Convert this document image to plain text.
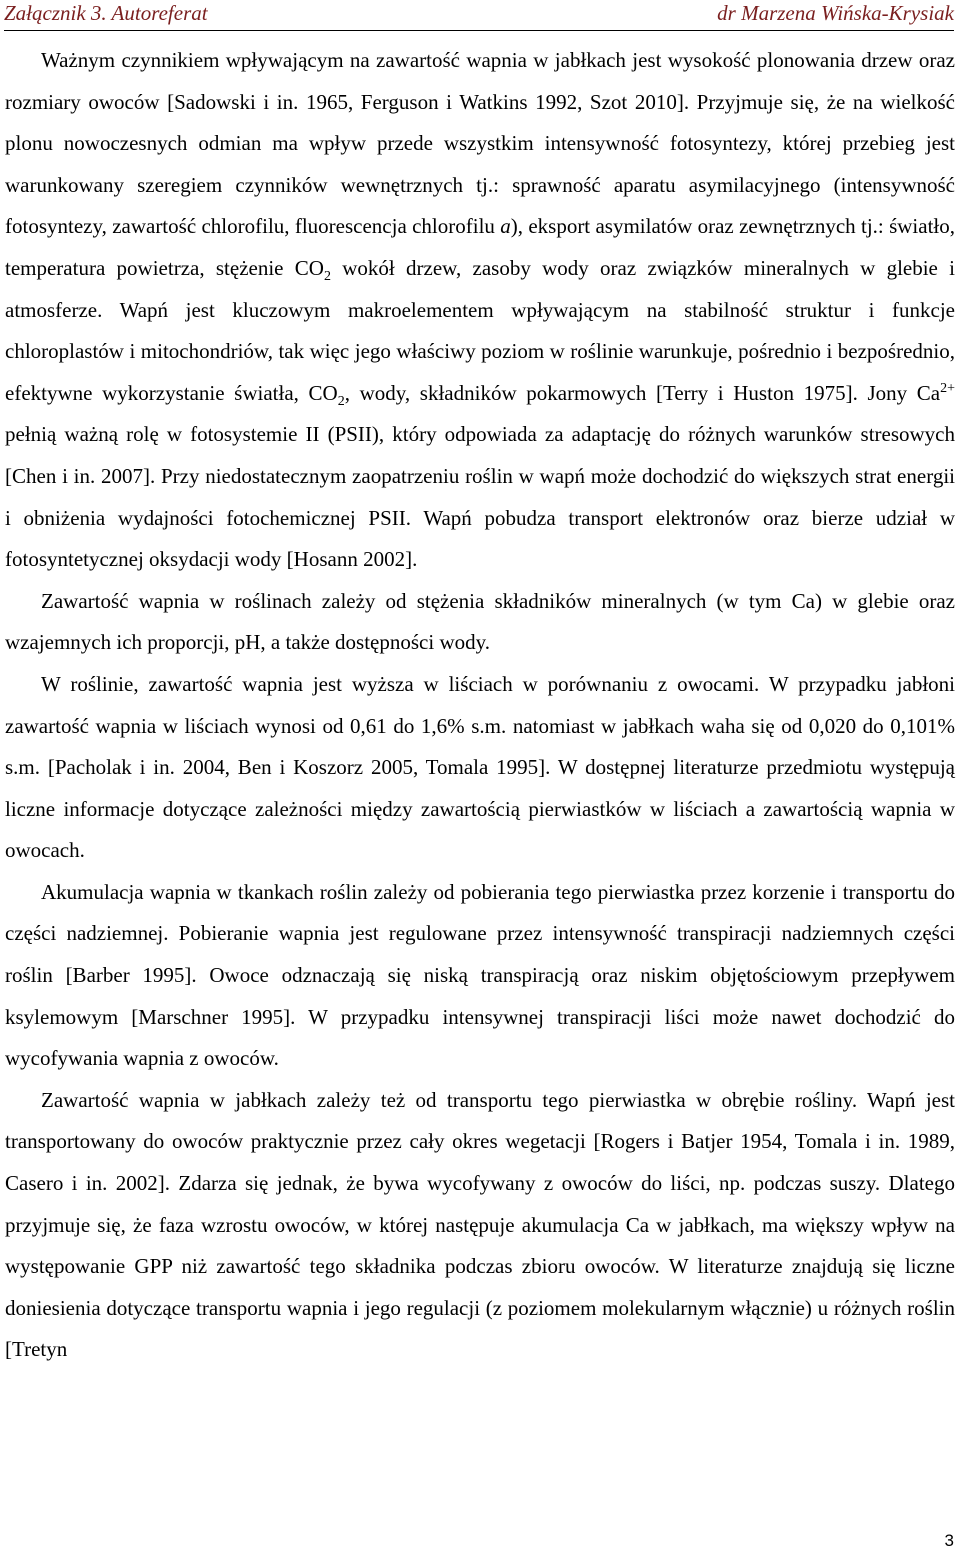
Załącznik 3. Autoreferat	dr Marzena Wińska-Krysiak

Ważnym czynnikiem wpływającym na zawartość wapnia w jabłkach jest wysokość plonowania drzew oraz rozmiary owoców [Sadowski i in. 1965, Ferguson i Watkins 1992, Szot 2010]. Przyjmuje się, że na wielkość plonu nowoczesnych odmian ma wpływ przede wszystkim intensywność fotosyntezy, której przebieg jest warunkowany szeregiem czynników wewnętrznych tj.: sprawność aparatu asymilacyjnego (intensywność fotosyntezy, zawartość chlorofilu, fluorescencja chlorofilu a), eksport asymilatów oraz zewnętrznych tj.: światło, temperatura powietrza, stężenie $CO_2$ wokół drzew, zasoby wody oraz związków mineralnych w glebie i atmosferze. Wapń jest kluczowym makroelementem wpływającym na stabilność struktur i funkcje chloroplastów i mitochondriów, tak więc jego właściwy poziom w roślinie warunkuje, pośrednio i bezpośrednio, efektywne wykorzystanie światła, $CO_2$, wody, składników pokarmowych [Terry i Huston 1975]. Jony $Ca^{2+}$ pełnią ważną rolę w fotosystemie II (PSII), który odpowiada za adaptację do różnych warunków stresowych [Chen i in. 2007]. Przy niedostatecznym zaopatrzeniu roślin w wapń może dochodzić do większych strat energii i obniżenia wydajności fotochemicznej PSII. Wapń pobudza transport elektronów oraz bierze udział w fotosyntetycznej oksydacji wody [Hosann 2002].

Zawartość wapnia w roślinach zależy od stężenia składników mineralnych (w tym Ca) w glebie oraz wzajemnych ich proporcji, pH, a także dostępności wody.

W roślinie, zawartość wapnia jest wyższa w liściach w porównaniu z owocami. W przypadku jabłoni zawartość wapnia w liściach wynosi od 0,61 do 1,6% s.m. natomiast w jabłkach waha się od 0,020 do 0,101% s.m. [Pacholak i in. 2004, Ben i Koszorz 2005, Tomala 1995]. W dostępnej literaturze przedmiotu występują liczne informacje dotyczące zależności między zawartością pierwiastków w liściach a zawartością wapnia w owocach.

Akumulacja wapnia w tkankach roślin zależy od pobierania tego pierwiastka przez korzenie i transportu do części nadziemnej. Pobieranie wapnia jest regulowane przez intensywność transpiracji nadziemnych części roślin [Barber 1995]. Owoce odznaczają się niską transpiracją oraz niskim objętościowym przepływem ksylemowym [Marschner 1995]. W przypadku intensywnej transpiracji liści może nawet dochodzić do wycofywania wapnia z owoców.

Zawartość wapnia w jabłkach zależy też od transportu tego pierwiastka w obrębie rośliny. Wapń jest transportowany do owoców praktycznie przez cały okres wegetacji [Rogers i Batjer 1954, Tomala i in. 1989, Casero i in. 2002]. Zdarza się jednak, że bywa wycofywany z owoców do liści, np. podczas suszy. Dlatego przyjmuje się, że faza wzrostu owoców, w której następuje akumulacja Ca w jabłkach, ma większy wpływ na występowanie GPP niż zawartość tego składnika podczas zbioru owoców. W literaturze znajdują się liczne doniesienia dotyczące transportu wapnia i jego regulacji (z poziomem molekularnym włącznie) u różnych roślin [Tretyn

3
